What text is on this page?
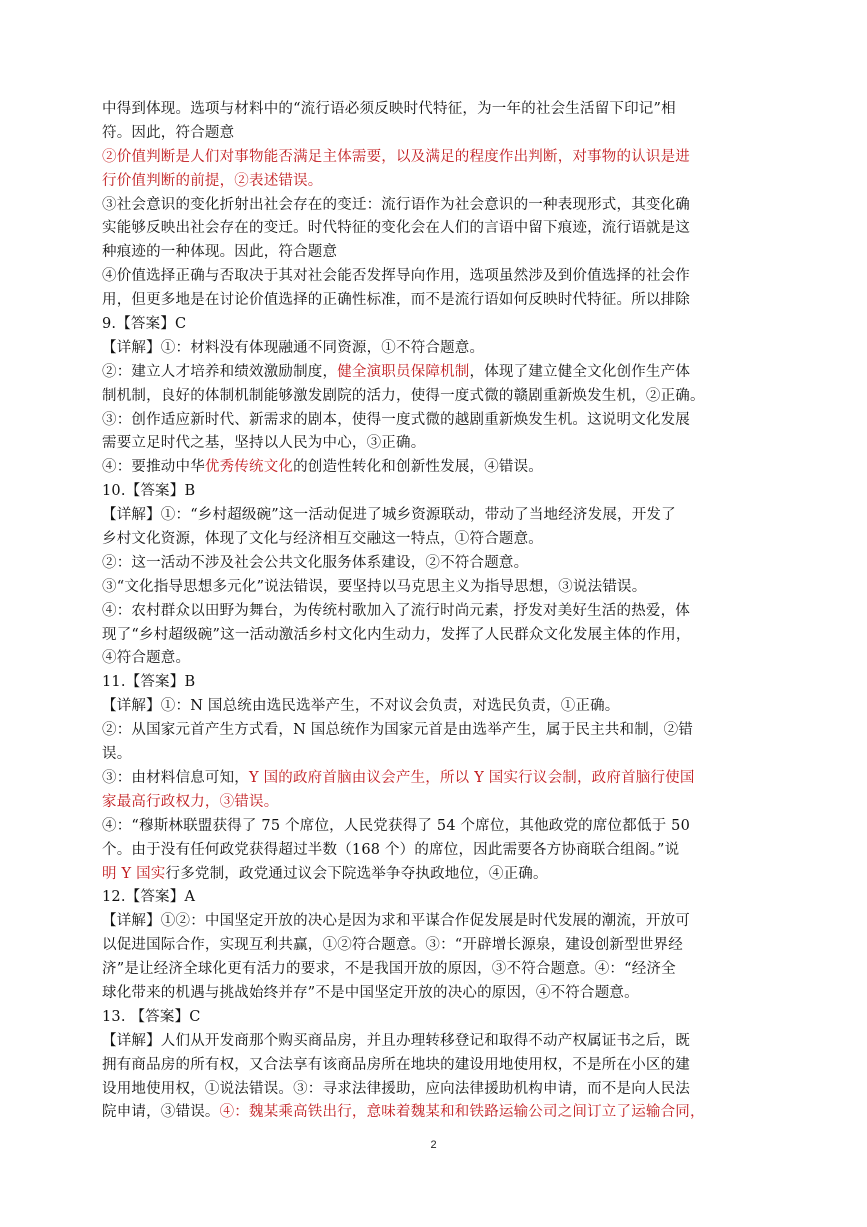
中得到体现。选项与材料中的“流行语必须反映时代特征，为一年的社会生活留下印记”相
符。因此，符合题意
②价值判断是人们对事物能否满足主体需要，以及满足的程度作出判断，对事物的认识是进
行价值判断的前提，②表述错误。
③社会意识的变化折射出社会存在的变迁：流行语作为社会意识的一种表现形式，其变化确
实能够反映出社会存在的变迁。时代特征的变化会在人们的言语中留下痕迹，流行语就是这
种痕迹的一种体现。因此，符合题意
④价值选择正确与否取决于其对社会能否发挥导向作用，选项虽然涉及到价值选择的社会作
用，但更多地是在讨论价值选择的正确性标准，而不是流行语如何反映时代特征。所以排除
9.【答案】C
【详解】①：材料没有体现融通不同资源，①不符合题意。
②：建立人才培养和绩效激励制度，健全演职员保障机制，体现了建立健全文化创作生产体
制机制，良好的体制机制能够激发剧院的活力，使得一度式微的赣剧重新焕发生机，②正确。
③：创作适应新时代、新需求的剧本，使得一度式微的越剧重新焕发生机。这说明文化发展
需要立足时代之基，坚持以人民为中心，③正确。
④：要推动中华优秀传统文化的创造性转化和创新性发展，④错误。
10.【答案】B
【详解】①：“乡村超级碗”这一活动促进了城乡资源联动，带动了当地经济发展，开发了
乡村文化资源，体现了文化与经济相互交融这一特点，①符合题意。
②：这一活动不涉及社会公共文化服务体系建设，②不符合题意。
③“文化指导思想多元化”说法错误，要坚持以马克思主义为指导思想，③说法错误。
④：农村群众以田野为舞台，为传统村歌加入了流行时尚元素，抒发对美好生活的热爱，体
现了“乡村超级碗”这一活动激活乡村文化内生动力，发挥了人民群众文化发展主体的作用，
④符合题意。
11.【答案】B
【详解】①：N 国总统由选民选举产生，不对议会负责，对选民负责，①正确。
②：从国家元首产生方式看，N 国总统作为国家元首是由选举产生，属于民主共和制，②错
误。
③：由材料信息可知，Y 国的政府首脑由议会产生，所以 Y 国实行议会制，政府首脑行使国
家最高行政权力，③错误。
④：“穆斯林联盟获得了 75 个席位，人民党获得了 54 个席位，其他政党的席位都低于 50
个。由于没有任何政党获得超过半数（168 个）的席位，因此需要各方协商联合组阁。”说
明 Y 国实行多党制，政党通过议会下院选举争夺执政地位，④正确。
12.【答案】A
【详解】①②：中国坚定开放的决心是因为求和平谋合作促发展是时代发展的潮流，开放可
以促进国际合作，实现互利共赢，①②符合题意。③：“开辟增长源泉，建设创新型世界经
济”是让经济全球化更有活力的要求，不是我国开放的原因，③不符合题意。④：“经济全
球化带来的机遇与挑战始终并存”不是中国坚定开放的决心的原因，④不符合题意。
13. 【答案】C
【详解】人们从开发商那个购买商品房，并且办理转移登记和取得不动产权属证书之后，既
拥有商品房的所有权，又合法享有该商品房所在地块的建设用地使用权，不是所在小区的建
设用地使用权，①说法错误。③：寻求法律援助，应向法律援助机构申请，而不是向人民法
院申请，③错误。④：魏某乘高铁出行，意味着魏某和和铁路运输公司之间订立了运输合同，
2
